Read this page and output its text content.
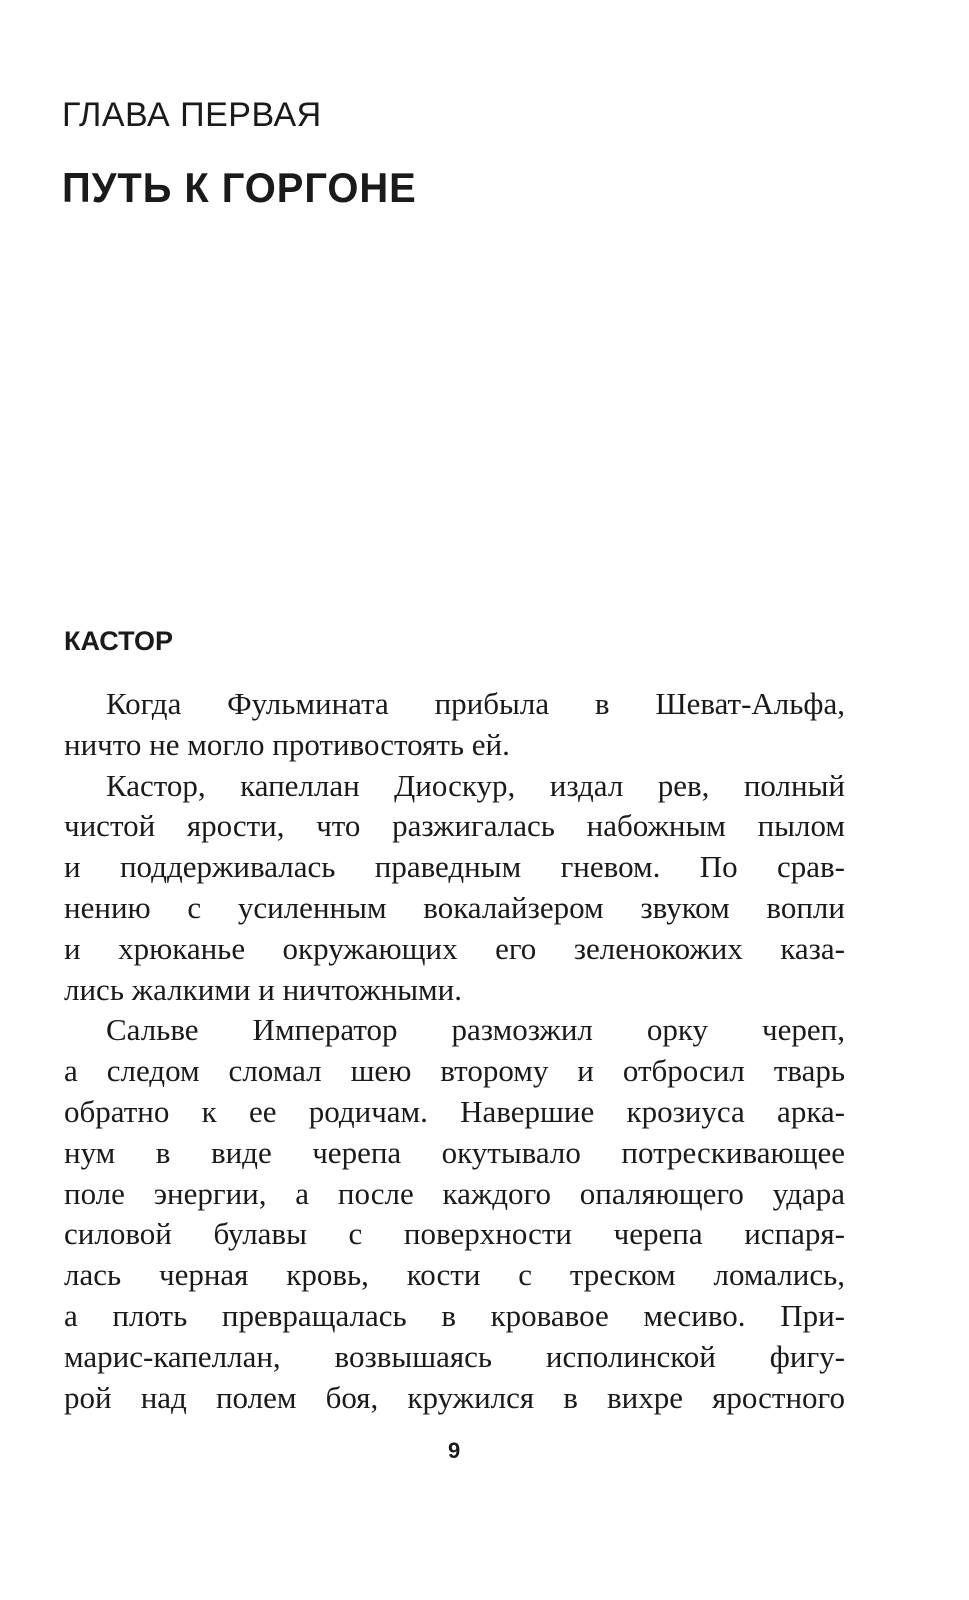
ГЛАВА ПЕРВАЯ
ПУТЬ К ГОРГОНЕ
КАСТОР
Когда Фульмината прибыла в Шеват-Альфа,
ничто не могло противостоять ей.
Кастор, капеллан Диоскур, издал рев, полный
чистой ярости, что разжигалась набожным пылом
и поддерживалась праведным гневом. По срав-
нению с усиленным вокалайзером звуком вопли
и хрюканье окружающих его зеленокожих каза-
лись жалкими и ничтожными.
Сальве Император размозжил орку череп,
а следом сломал шею второму и отбросил тварь
обратно к ее родичам. Навершие крозиуса арка-
нум в виде черепа окутывало потрескивающее
поле энергии, а после каждого опаляющего удара
силовой булавы с поверхности черепа испаря-
лась черная кровь, кости с треском ломались,
а плоть превращалась в кровавое месиво. При-
марис-капеллан, возвышаясь исполинской фигу-
рой над полем боя, кружился в вихре яростного
9
